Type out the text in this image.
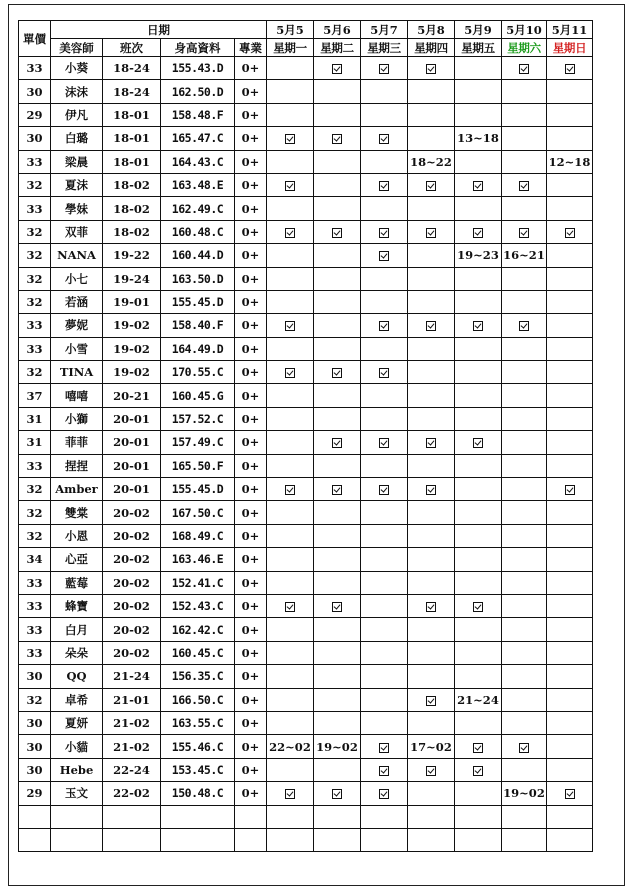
單價	日期				5月5	5月6	5月7	5月8	5月9	5月10	5月11
	美容師	班次	身高資料	專業	星期一	星期二	星期三	星期四	星期五	星期六	星期日
33	小葵	18-24	155.43.D	0+							
30	沫沫	18-24	162.50.D	0+							
29	伊凡	18-01	158.48.F	0+							
30	白璐	18-01	165.47.C	0+					13~18		
33	梁晨	18-01	164.43.C	0+				18~22			12~18
32	夏沫	18-02	163.48.E	0+							
33	學妹	18-02	162.49.C	0+							
32	双菲	18-02	160.48.C	0+							
32	NANA	19-22	160.44.D	0+					19~23	16~21	
32	小七	19-24	163.50.D	0+							
32	若涵	19-01	155.45.D	0+							
33	夢妮	19-02	158.40.F	0+							
33	小雪	19-02	164.49.D	0+							
32	TINA	19-02	170.55.C	0+							
37	嘻嘻	20-21	160.45.G	0+							
31	小獅	20-01	157.52.C	0+							
31	菲菲	20-01	157.49.C	0+							
33	捏捏	20-01	165.50.F	0+							
32	Amber	20-01	155.45.D	0+							
32	雙棠	20-02	167.50.C	0+							
32	小恩	20-02	168.49.C	0+							
34	心亞	20-02	163.46.E	0+							
33	藍莓	20-02	152.41.C	0+							
33	蜂寶	20-02	152.43.C	0+							
33	白月	20-02	162.42.C	0+							
33	朵朵	20-02	160.45.C	0+							
30	QQ	21-24	156.35.C	0+							
32	卓希	21-01	166.50.C	0+					21~24		
30	夏妍	21-02	163.55.C	0+							
30	小貓	21-02	155.46.C	0+	22~02	19~02		17~02			
30	Hebe	22-24	153.45.C	0+							
29	玉文	22-02	150.48.C	0+						19~02	
